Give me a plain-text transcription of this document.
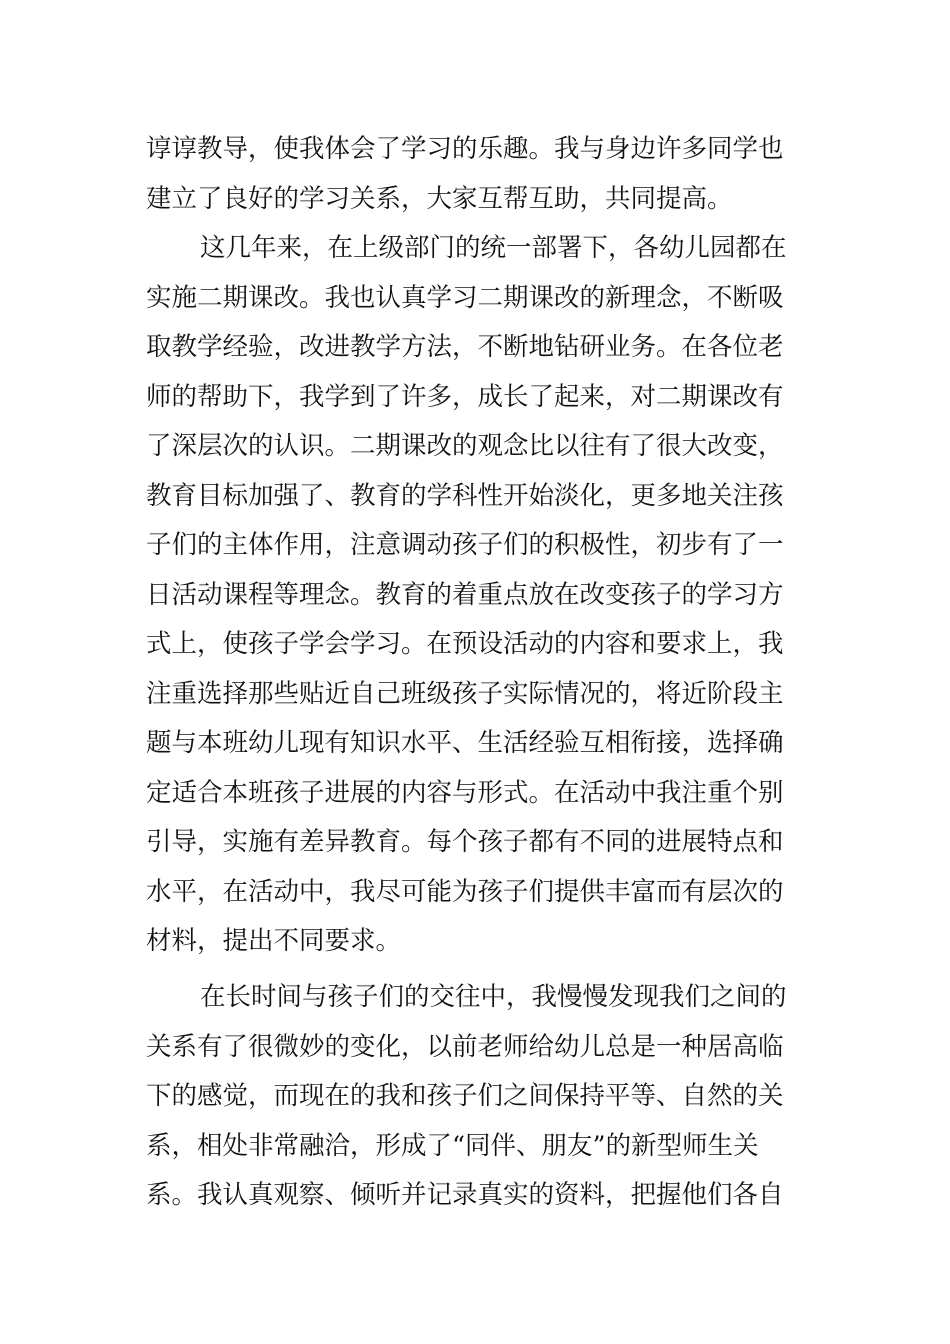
谆谆教导，使我体会了学习的乐趣。我与身边许多同学也
建立了良好的学习关系，大家互帮互助，共同提高。
这几年来，在上级部门的统一部署下，各幼儿园都在
实施二期课改。我也认真学习二期课改的新理念，不断吸
取教学经验，改进教学方法，不断地钻研业务。在各位老
师的帮助下，我学到了许多，成长了起来，对二期课改有
了深层次的认识。二期课改的观念比以往有了很大改变，
教育目标加强了、教育的学科性开始淡化，更多地关注孩
子们的主体作用，注意调动孩子们的积极性，初步有了一
日活动课程等理念。教育的着重点放在改变孩子的学习方
式上，使孩子学会学习。在预设活动的内容和要求上，我
注重选择那些贴近自己班级孩子实际情况的，将近阶段主
题与本班幼儿现有知识水平、生活经验互相衔接，选择确
定适合本班孩子进展的内容与形式。在活动中我注重个别
引导，实施有差异教育。每个孩子都有不同的进展特点和
水平，在活动中，我尽可能为孩子们提供丰富而有层次的
材料，提出不同要求。
在长时间与孩子们的交往中，我慢慢发现我们之间的
关系有了很微妙的变化，以前老师给幼儿总是一种居高临
下的感觉，而现在的我和孩子们之间保持平等、自然的关
系，相处非常融洽，形成了“同伴、朋友”的新型师生关
系。我认真观察、倾听并记录真实的资料，把握他们各自
